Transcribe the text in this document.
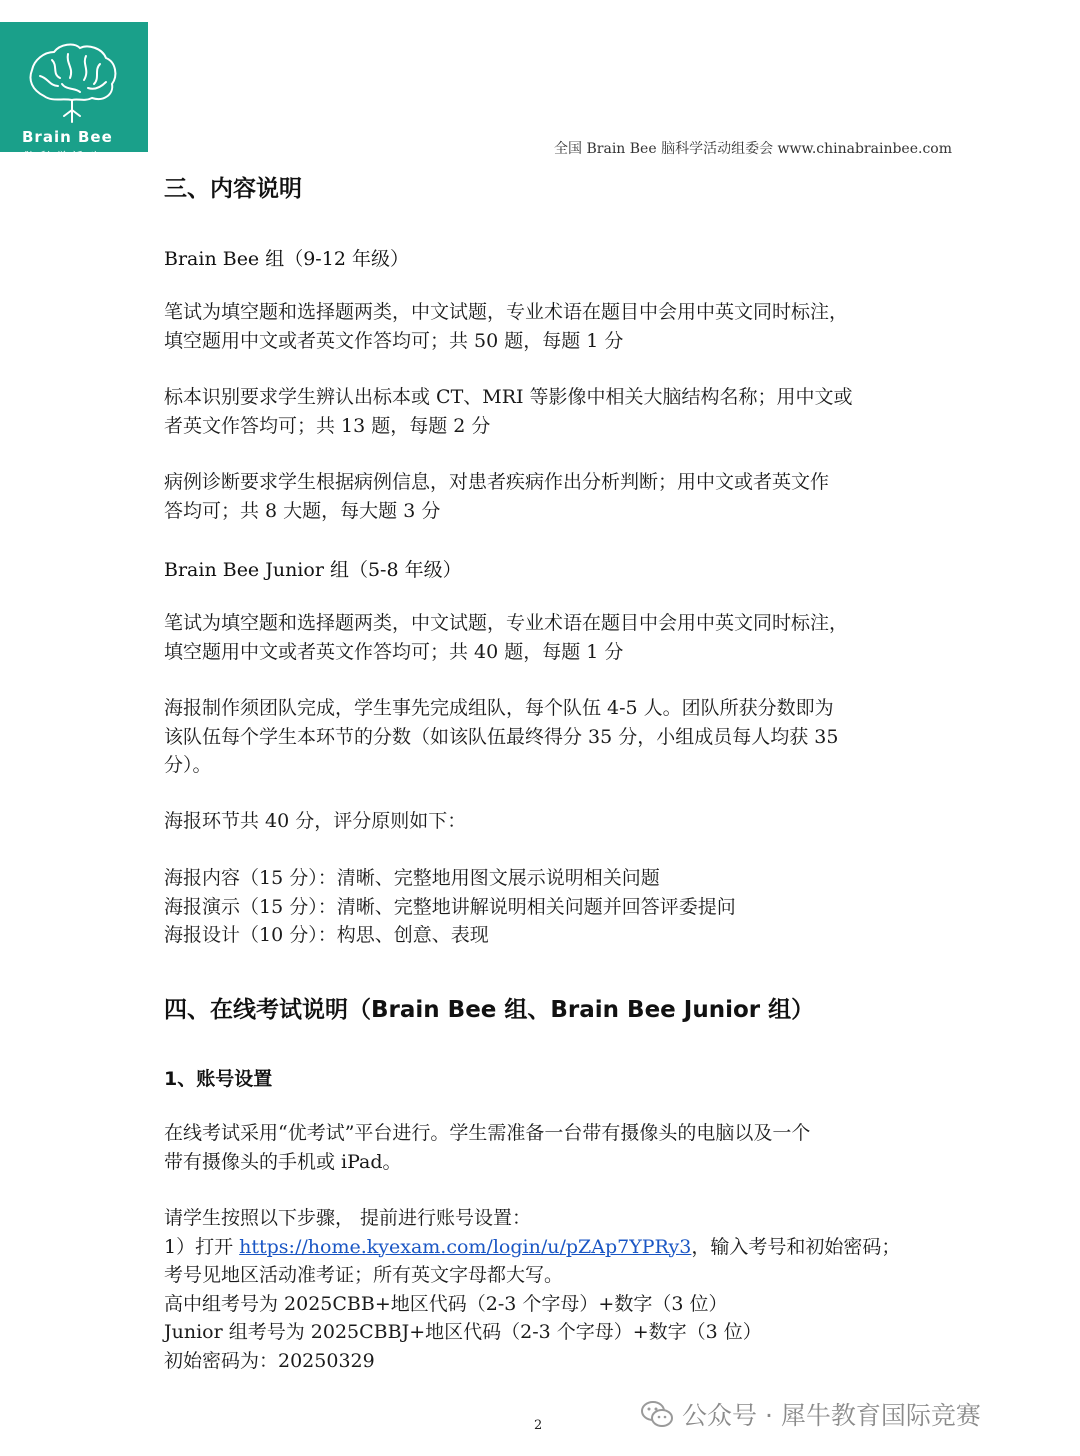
Brain Bee
脑科学活动	全国 Brain Bee 脑科学活动组委会 www.chinabrainbee.com
三、内容说明
Brain Bee 组（9-12 年级）
笔试为填空题和选择题两类，中文试题，专业术语在题目中会用中英文同时标注，
填空题用中文或者英文作答均可；共 50 题，每题 1 分
标本识别要求学生辨认出标本或 CT、MRI 等影像中相关大脑结构名称；用中文或
者英文作答均可；共 13 题，每题 2 分
病例诊断要求学生根据病例信息，对患者疾病作出分析判断；用中文或者英文作
答均可；共 8 大题，每大题 3 分
Brain Bee Junior 组（5-8 年级）
笔试为填空题和选择题两类，中文试题，专业术语在题目中会用中英文同时标注，
填空题用中文或者英文作答均可；共 40 题，每题 1 分
海报制作须团队完成，学生事先完成组队，每个队伍 4-5 人。团队所获分数即为
该队伍每个学生本环节的分数（如该队伍最终得分 35 分，小组成员每人均获 35
分）。
海报环节共 40 分，评分原则如下：
海报内容（15 分）：清晰、完整地用图文展示说明相关问题
海报演示（15 分）：清晰、完整地讲解说明相关问题并回答评委提问
海报设计（10 分）：构思、创意、表现
四、在线考试说明（Brain Bee 组、Brain Bee Junior 组）
1、账号设置
在线考试采用“优考试”平台进行。学生需准备一台带有摄像头的电脑以及一个
带有摄像头的手机或 iPad。
请学生按照以下步骤， 提前进行账号设置：
1）打开 https://home.kyexam.com/login/u/pZAp7YPRy3，输入考号和初始密码；
考号见地区活动准考证；所有英文字母都大写。
高中组考号为 2025CBB+地区代码（2-3 个字母）+数字（3 位）
Junior 组考号为 2025CBBJ+地区代码（2-3 个字母）+数字（3 位）
初始密码为：20250329
2	公众号 · 犀牛教育国际竞赛
